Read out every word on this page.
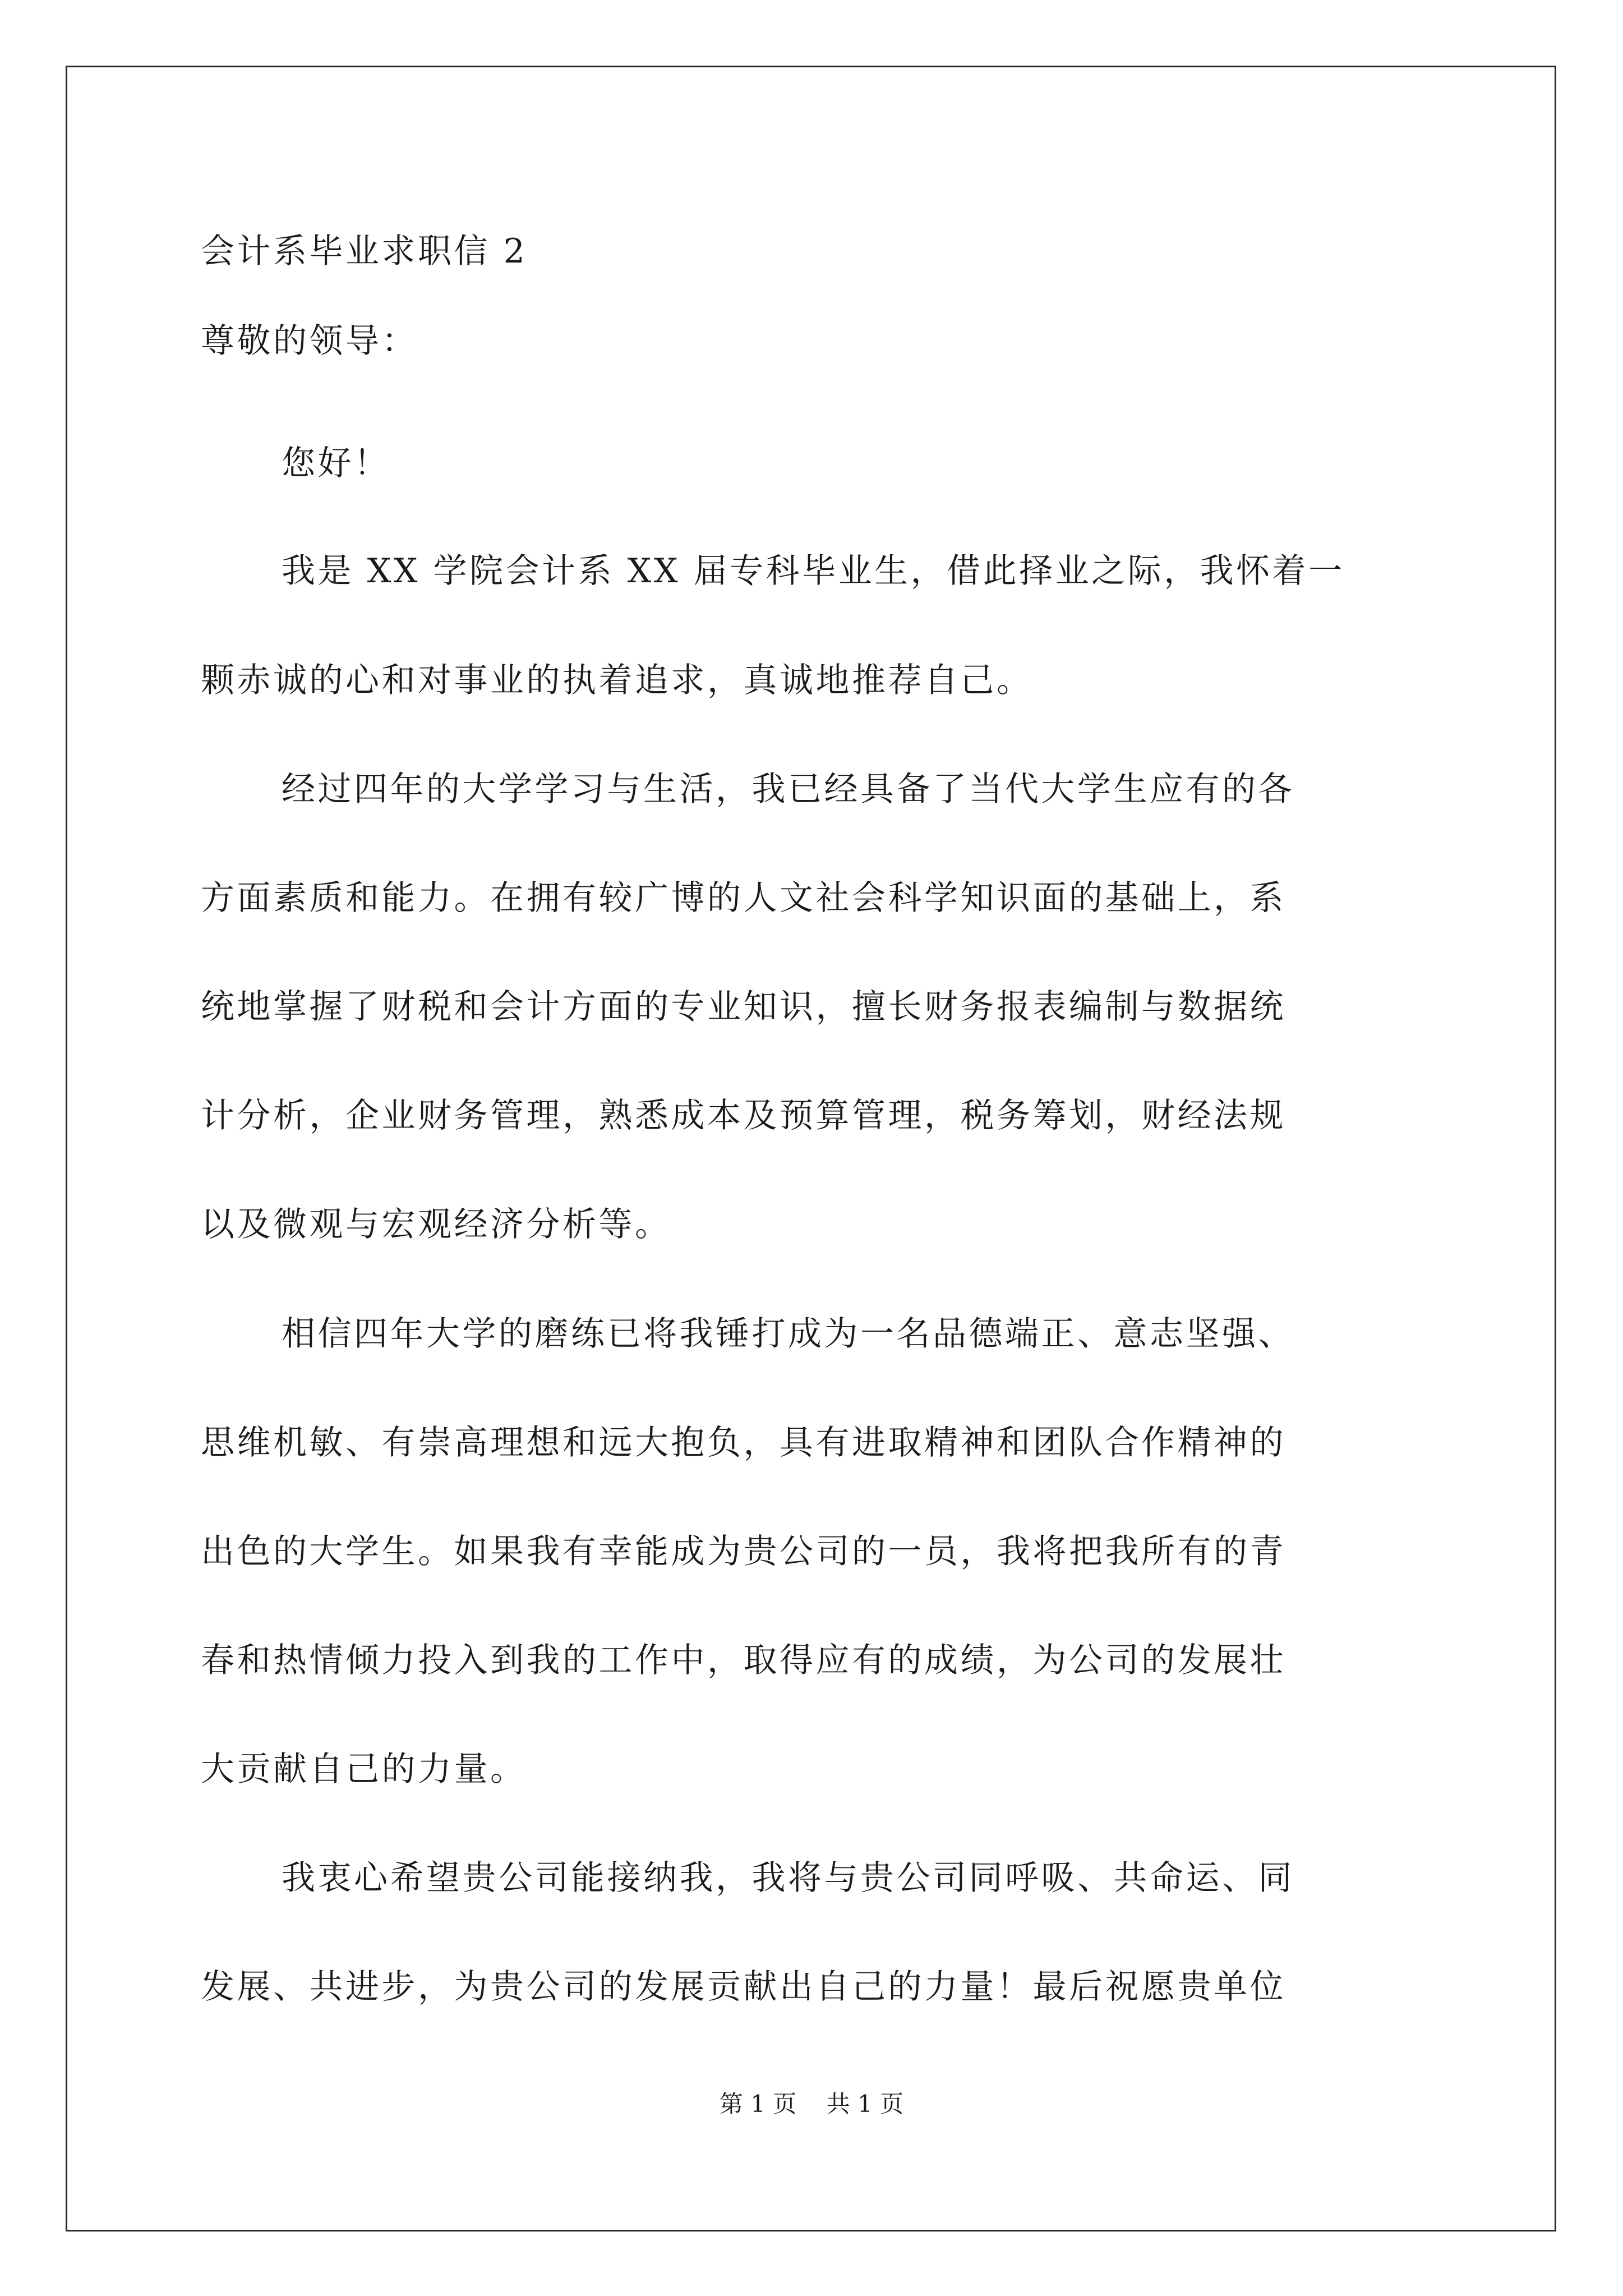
会计系毕业求职信 2
尊敬的领导：
您好！
我是 XX 学院会计系 XX 届专科毕业生，借此择业之际，我怀着一
颗赤诚的心和对事业的执着追求，真诚地推荐自己。
经过四年的大学学习与生活，我已经具备了当代大学生应有的各
方面素质和能力。在拥有较广博的人文社会科学知识面的基础上，系
统地掌握了财税和会计方面的专业知识，擅长财务报表编制与数据统
计分析，企业财务管理，熟悉成本及预算管理，税务筹划，财经法规
以及微观与宏观经济分析等。
相信四年大学的磨练已将我锤打成为一名品德端正、意志坚强、
思维机敏、有崇高理想和远大抱负，具有进取精神和团队合作精神的
出色的大学生。如果我有幸能成为贵公司的一员，我将把我所有的青
春和热情倾力投入到我的工作中，取得应有的成绩，为公司的发展壮
大贡献自己的力量。
我衷心希望贵公司能接纳我，我将与贵公司同呼吸、共命运、同
发展、共进步，为贵公司的发展贡献出自己的力量！最后祝愿贵单位
第 1 页    共 1 页
